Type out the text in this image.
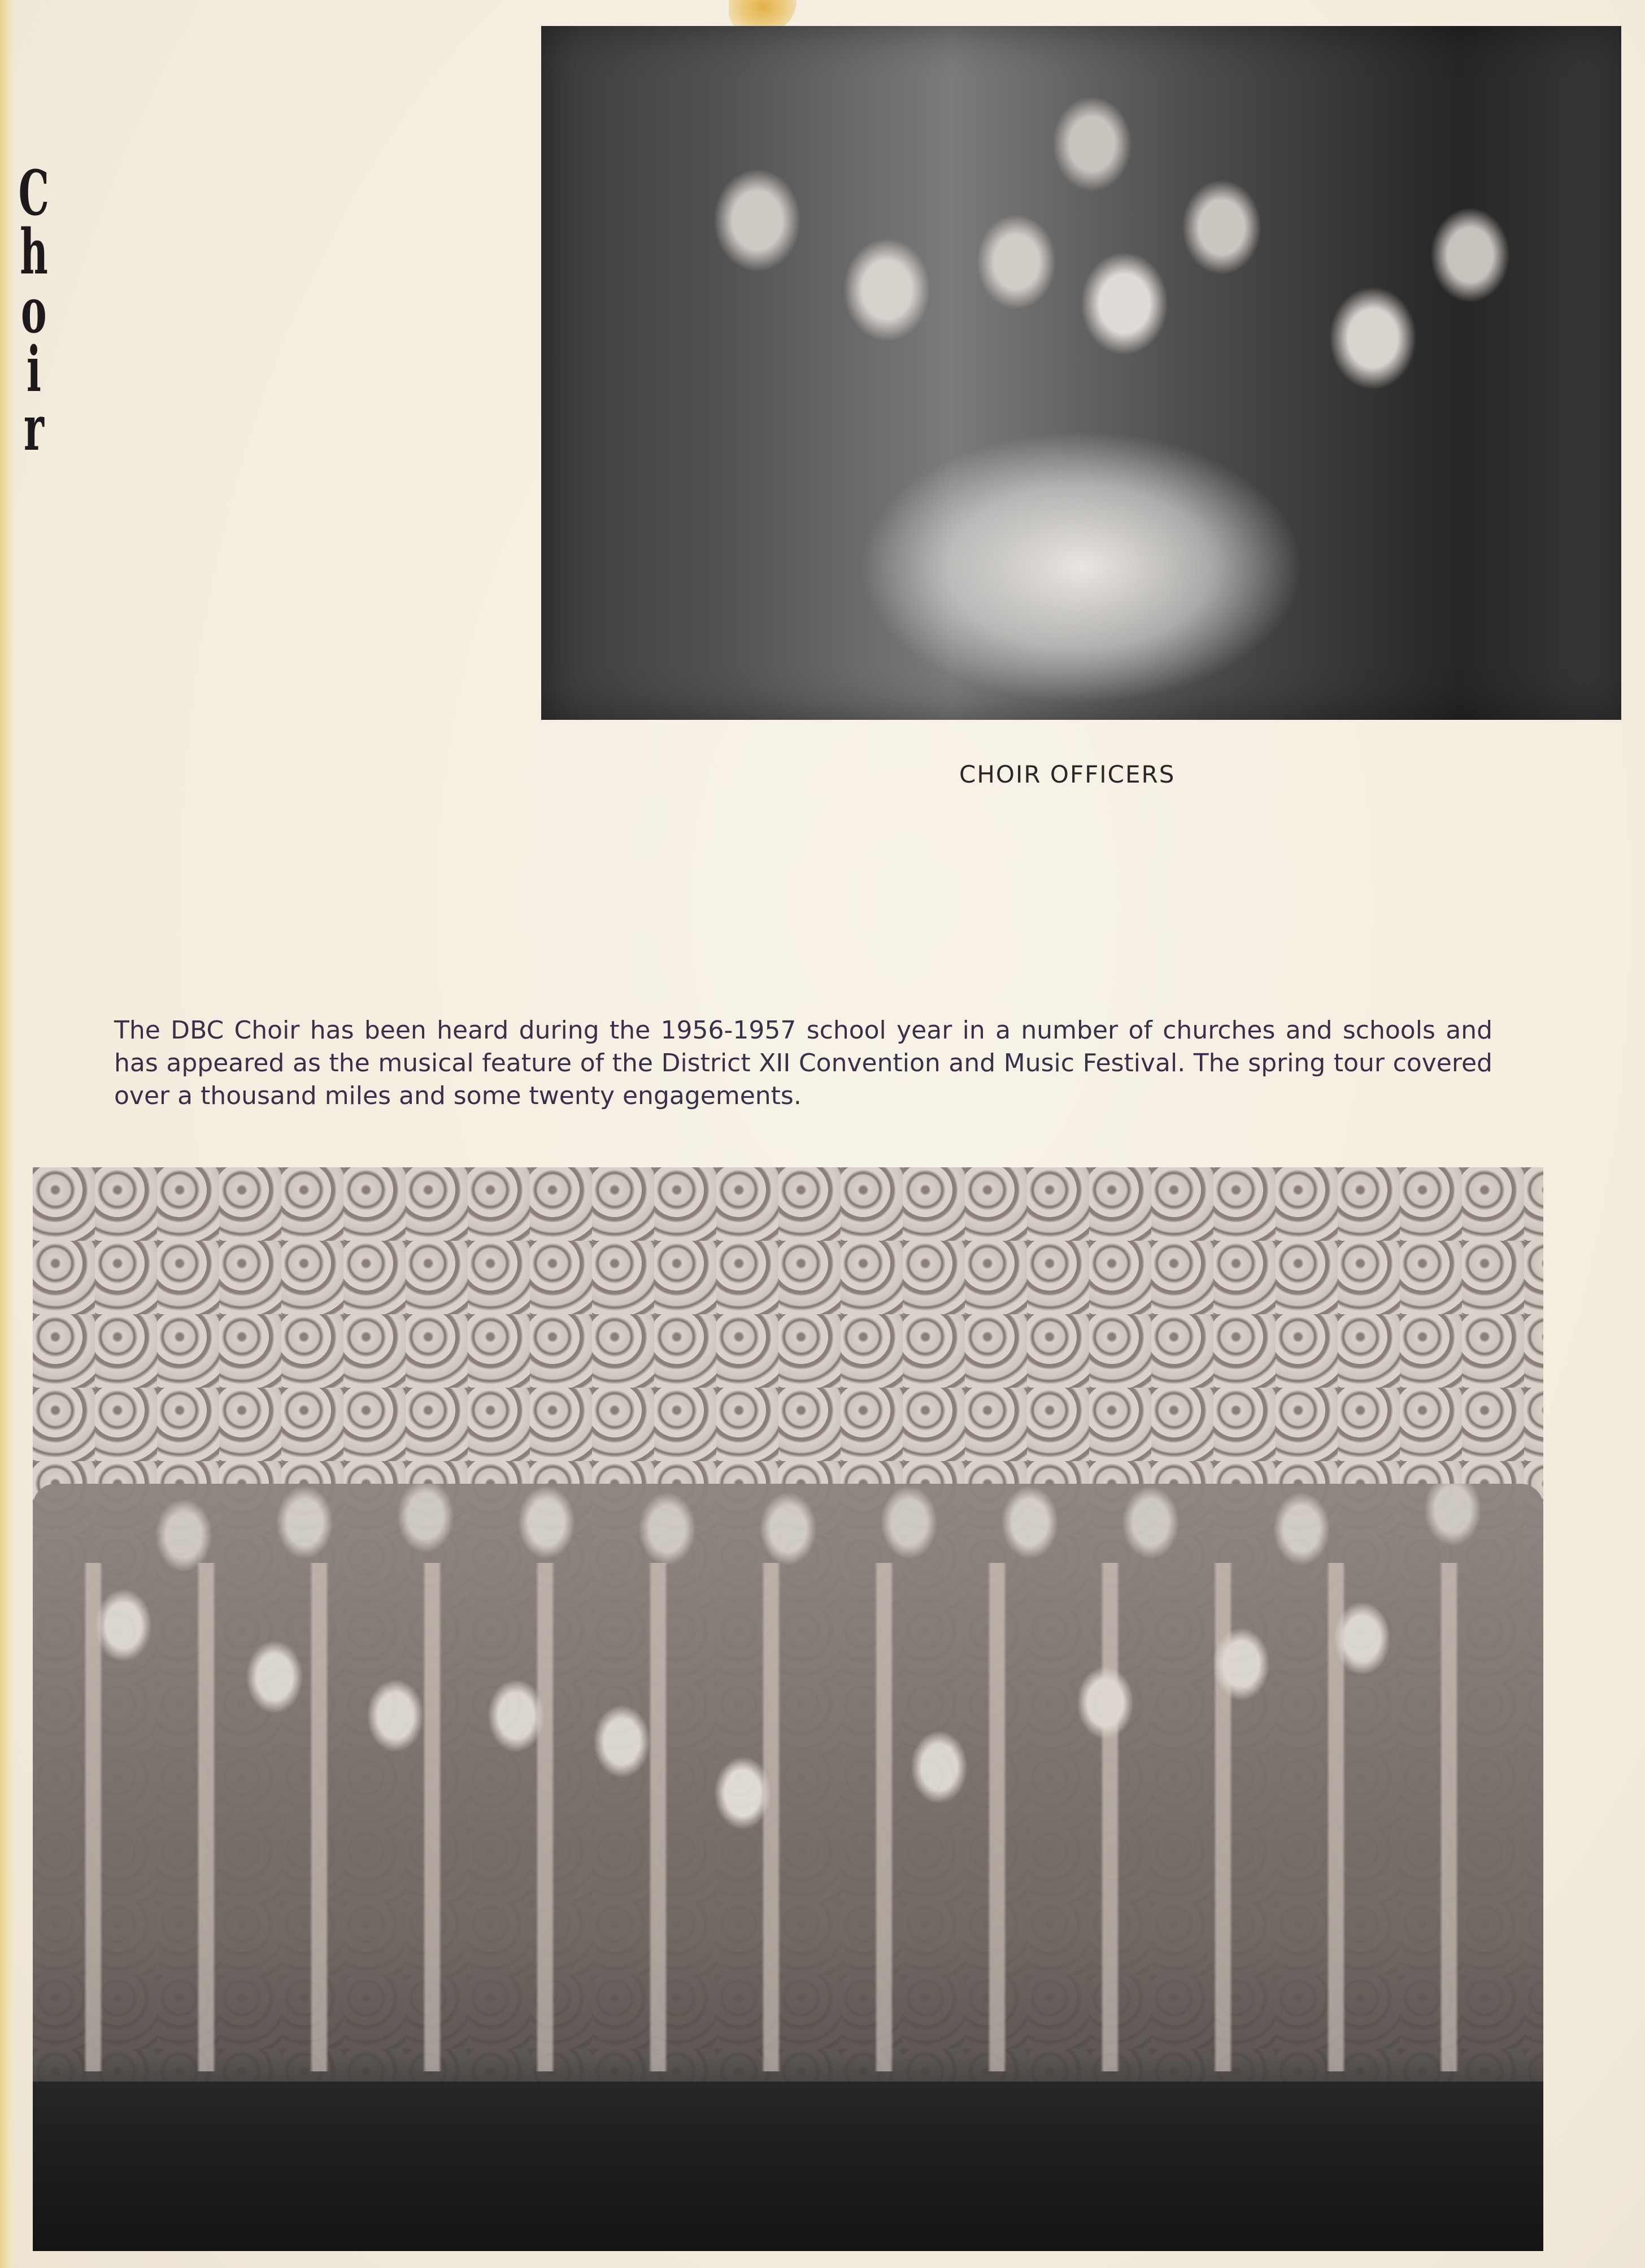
C
h
o
i
r
CHOIR OFFICERS
The DBC Choir has been heard during the 1956-1957 school year in a number of churches and schools and has appeared as the musical feature of the District XII Convention and Music Festival. The spring tour covered over a thousand miles and some twenty engagements.
